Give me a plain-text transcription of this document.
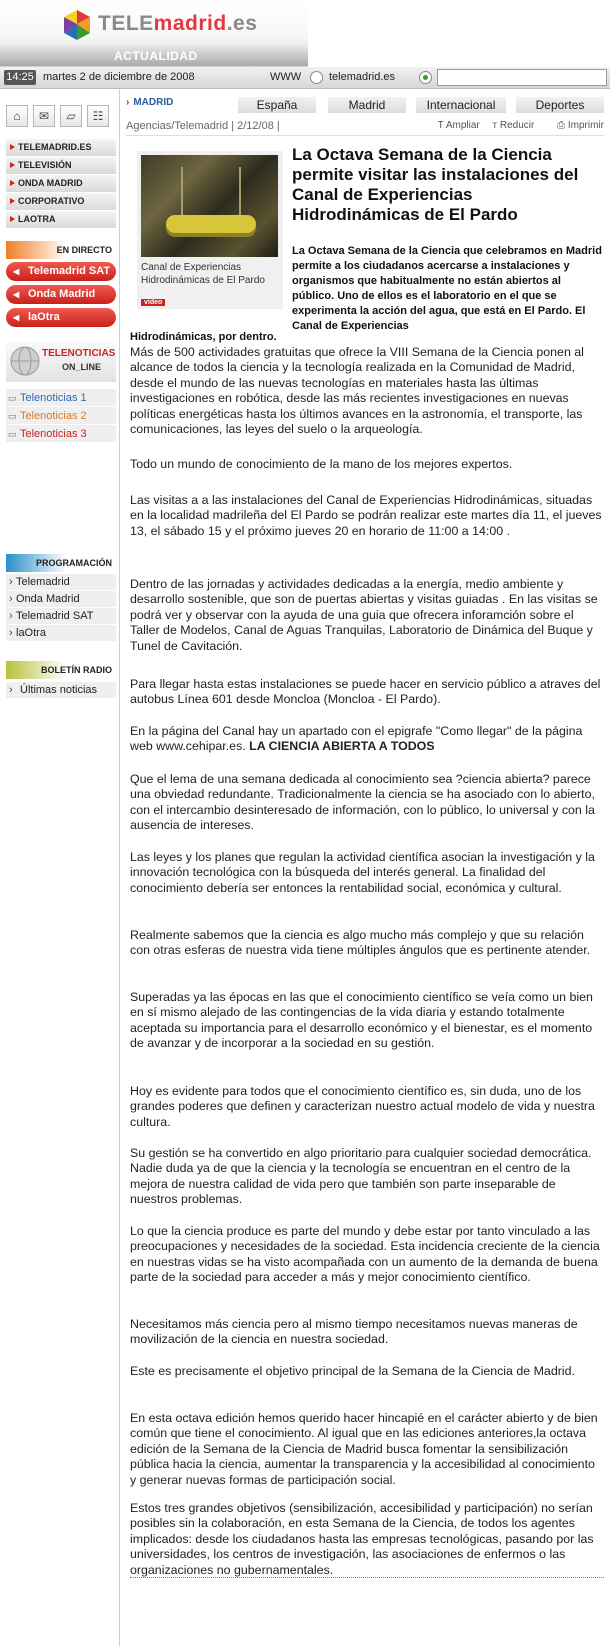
TELEmadrid.es
ACTUALIDAD
14:25 martes 2 de diciembre de 2008	WWW	telemadrid.es
⌂	✉	▱	☷
TELEMADRID.ES
TELEVISIÓN
ONDA MADRID
CORPORATIVO
LAOTRA
EN DIRECTO
◀ Telemadrid SAT
◀ Onda Madrid
◀ laOtra
TELENOTICIAS
ON_LINE
▭ Telenoticias 1
▭ Telenoticias 2
▭ Telenoticias 3
PROGRAMACIÓN
› Telemadrid
› Onda Madrid
› Telemadrid SAT
› laOtra
BOLETÍN RADIO
› Últimas noticias
› MADRID	España	Madrid	Internacional	Deportes
Agencias/Telemadrid | 2/12/08 |	T Ampliar т Reducir ⎙ Imprimir
Canal de Experiencias Hidrodinámicas de El Pardo
vídeo
La Octava Semana de la Ciencia permite visitar las instalaciones del Canal de Experiencias Hidrodinámicas de El Pardo
La Octava Semana de la Ciencia que celebramos en Madrid permite a los ciudadanos acercarse a instalaciones y organismos que habitualmente no están abiertos al público. Uno de ellos es el laboratorio en el que se experimenta la acción del agua, que está en El Pardo. El Canal de Experiencias
Hidrodinámicas, por dentro.
Más de 500 actividades gratuitas que ofrece la VIII Semana de la Ciencia ponen al alcance de todos la ciencia y la tecnología realizada en la Comunidad de Madrid, desde el mundo de las nuevas tecnologías en materiales hasta las últimas investigaciones en robótica, desde las más recientes investigaciones en nuevas políticas energéticas hasta los últimos avances en la astronomía, el transporte, las comunicaciones, las leyes del suelo o la arqueología.
Todo un mundo de conocimiento de la mano de los mejores expertos.
Las visitas a a las instalaciones del Canal de Experiencias Hidrodinámicas, situadas en la localidad madrileña del El Pardo se podrán realizar este martes día 11, el jueves 13, el sábado 15 y el próximo jueves 20 en horario de 11:00 a 14:00 .
Dentro de las jornadas y actividades dedicadas a la energía, medio ambiente y desarrollo sostenible, que son de puertas abiertas y visitas guiadas . En las visitas se podrá ver y observar con la ayuda de una guia que ofrecera inforamción sobre el Taller de Modelos, Canal de Aguas Tranquilas, Laboratorio de Dinámica del Buque y Tunel de Cavitación.
Para llegar hasta estas instalaciones se puede hacer en servicio público a atraves del autobus Línea 601 desde Moncloa (Moncloa - El Pardo).
En la página del Canal hay un apartado con el epigrafe "Como llegar" de la página web www.cehipar.es. LA CIENCIA ABIERTA A TODOS
Que el lema de una semana dedicada al conocimiento sea ?ciencia abierta? parece una obviedad redundante. Tradicionalmente la ciencia se ha asociado con lo abierto, con el intercambio desinteresado de información, con lo público, lo universal y con la ausencia de intereses.
Las leyes y los planes que regulan la actividad científica asocian la investigación y la innovación tecnológica con la búsqueda del interés general. La finalidad del conocimiento debería ser entonces la rentabilidad social, económica y cultural.
Realmente sabemos que la ciencia es algo mucho más complejo y que su relación con otras esferas de nuestra vida tiene múltiples ángulos que es pertinente atender.
Superadas ya las épocas en las que el conocimiento científico se veía como un bien en sí mismo alejado de las contingencias de la vida diaria y estando totalmente aceptada su importancia para el desarrollo económico y el bienestar, es el momento de avanzar y de incorporar a la sociedad en su gestión.
Hoy es evidente para todos que el conocimiento científico es, sin duda, uno de los grandes poderes que definen y caracterizan nuestro actual modelo de vida y nuestra cultura.
Su gestión se ha convertido en algo prioritario para cualquier sociedad democrática. Nadie duda ya de que la ciencia y la tecnología se encuentran en el centro de la mejora de nuestra calidad de vida pero que también son parte inseparable de nuestros problemas.
Lo que la ciencia produce es parte del mundo y debe estar por tanto vinculado a las preocupaciones y necesidades de la sociedad. Esta incidencia creciente de la ciencia en nuestras vidas se ha visto acompañada con un aumento de la demanda de buena parte de la sociedad para acceder a más y mejor conocimiento científico.
Necesitamos más ciencia pero al mismo tiempo necesitamos nuevas maneras de movilización de la ciencia en nuestra sociedad.
Este es precisamente el objetivo principal de la Semana de la Ciencia de Madrid.
En esta octava edición hemos querido hacer hincapié en el carácter abierto y de bien común que tiene el conocimiento. Al igual que en las ediciones anteriores,la octava edición de la Semana de la Ciencia de Madrid busca fomentar la sensibilización pública hacia la ciencia, aumentar la transparencia y la accesibilidad al conocimiento y generar nuevas formas de participación social.
Estos tres grandes objetivos (sensibilización, accesibilidad y participación) no serían posibles sin la colaboración, en esta Semana de la Ciencia, de todos los agentes implicados: desde los ciudadanos hasta las empresas tecnológicas, pasando por las universidades, los centros de investigación, las asociaciones de enfermos o las organizaciones no gubernamentales.
